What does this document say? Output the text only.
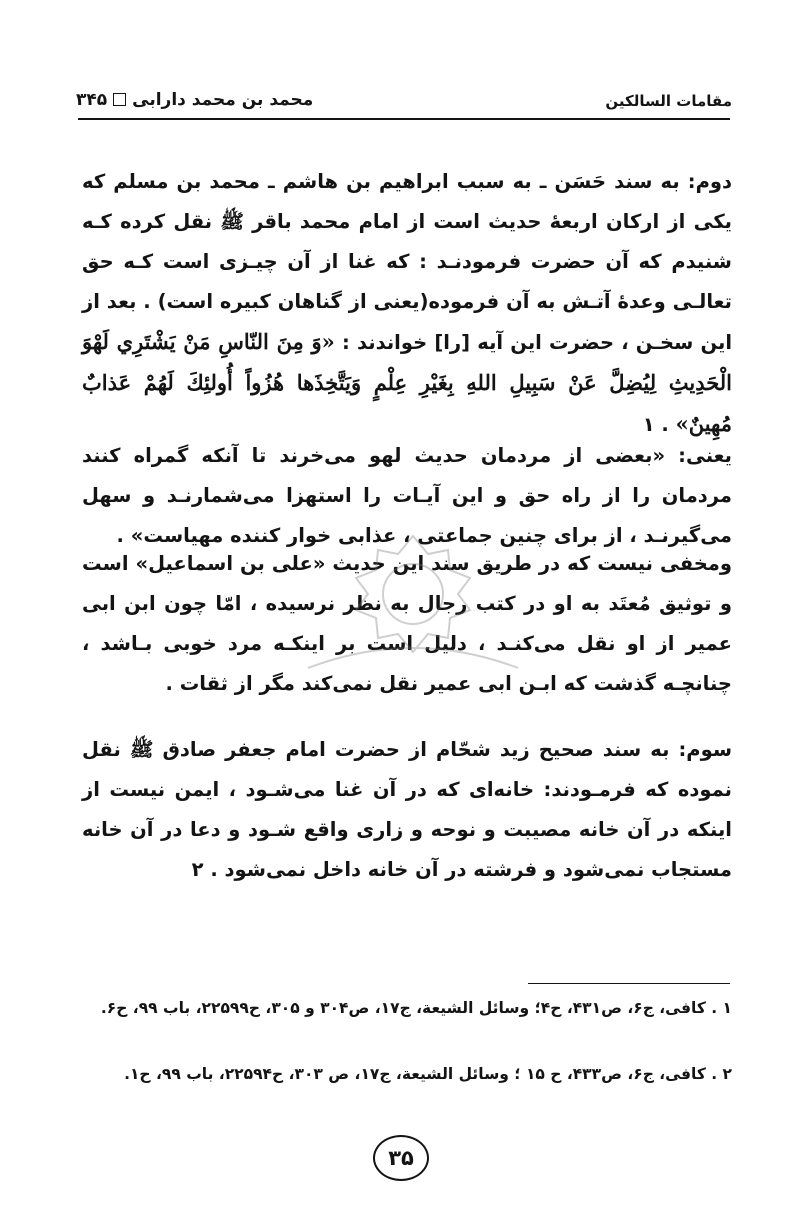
مقامات السالکین
محمد بن محمد دارابی۳۴۵

دوم: به سند حَسَن ـ به سبب ابراهیم بن هاشم ـ محمد بن مسلم که یکی از ارکان اربعهٔ حدیث است از امام محمد باقر ﷺ نقل کرده کـه شنیدم که آن حضرت فرمودنـد : که غنا از آن چیـزی است کـه حق تعالـی وعدهٔ آتـش به آن فرموده(یعنی از گناهان کبیره است) . بعد از این سخـن ، حضرت این آیه [را] خواندند : «وَ مِنَ النّاسِ مَنْ یَشْتَرِي لَهْوَ الْحَدِیثِ لِیُضِلَّ عَنْ سَبِیلِ اللهِ بِغَیْرِ عِلْمٍ وَیَتَّخِذَها هُزُواً أُولئِكَ لَهُمْ عَذابٌ مُهِینٌ» . ۱

یعنی: «بعضی از مردمان حدیث لهو می‌خرند تا آنکه گمراه کنند مردمان را از راه حق و این آیـات را استهزا می‌شمارنـد و سهل می‌گیرنـد ، از برای چنین جماعتی ، عذابی خوار کننده مهیاست» .

ومخفی نیست که در طریق سند این حدیث «علی بن اسماعیل» است و توثیق مُعتَد به او در کتب رجال به نظر نرسیده ، امّا چون ابن ابی عمیر از او نقل می‌کنـد ، دلیل است بر اینکـه مرد خوبی بـاشد ، چنانچـه گذشت که ابـن ابی عمیر نقل نمی‌کند مگر از ثقات .

سوم: به سند صحیح زید شحّام از حضرت امام جعفر صادق ﷺ نقل نموده که فرمـودند: خانه‌ای که در آن غنا می‌شـود ، ایمن نیست از اینکه در آن خانه مصیبت و نوحه و زاری واقع شـود و دعا در آن خانه مستجاب نمی‌شود و فرشته در آن خانه داخل نمی‌شود . ۲

۱ . کافی، ج۶، ص۴۳۱، ح۴؛ وسائل الشیعة، ج۱۷، ص۳۰۴ و ۳۰۵، ح۲۲۵۹۹، باب ۹۹، ح۶.

۲ . کافی، ج۶، ص۴۳۳، ح ۱۵ ؛ وسائل الشیعة، ج۱۷، ص ۳۰۳، ح۲۲۵۹۴، باب ۹۹، ح۱.

۳۵
